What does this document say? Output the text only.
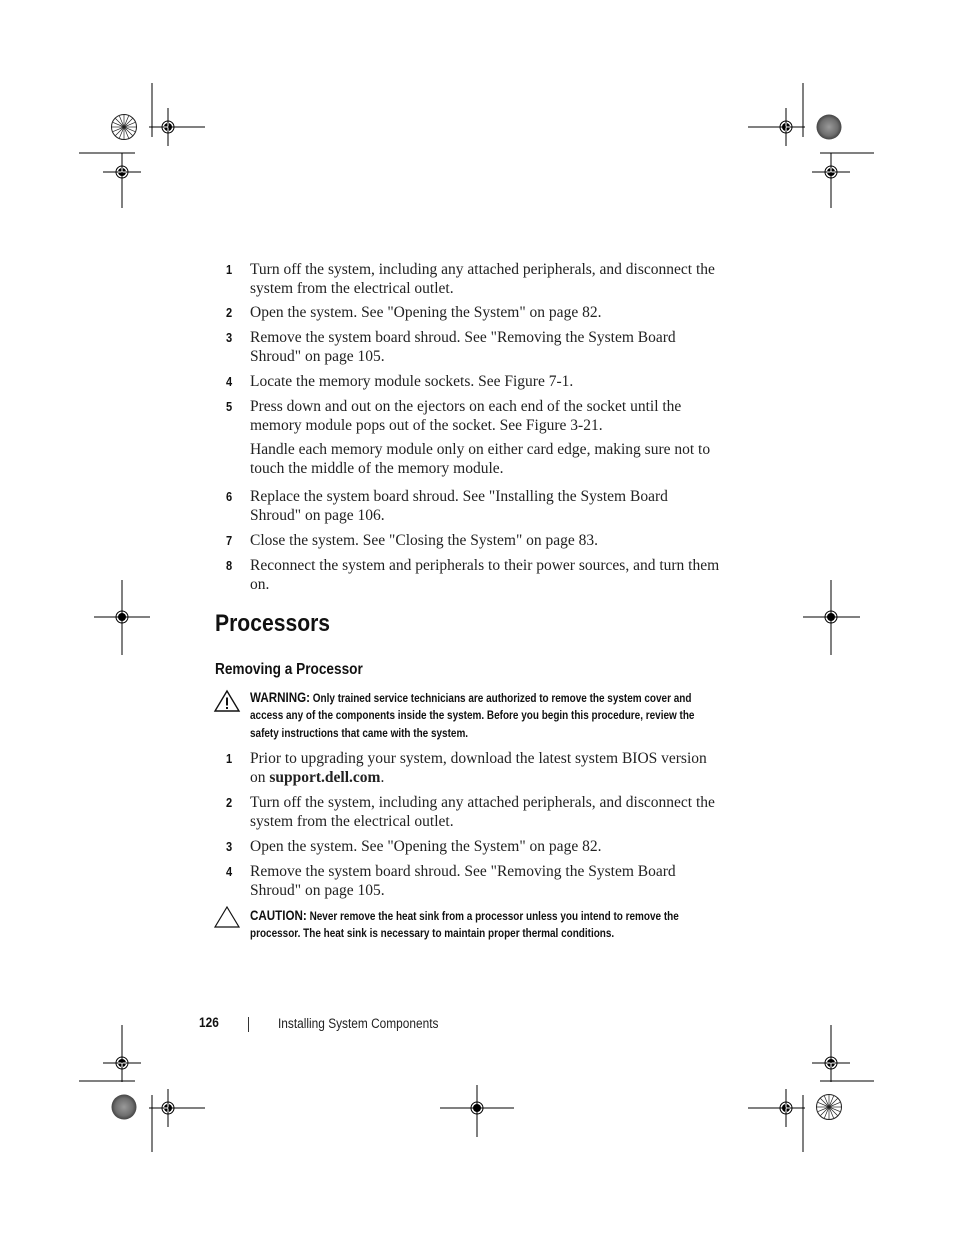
1 Turn off the system, including any attached peripherals, and disconnect the system from the electrical outlet.
2 Open the system. See "Opening the System" on page 82.
3 Remove the system board shroud. See "Removing the System Board Shroud" on page 105.
4 Locate the memory module sockets. See Figure 7-1.
5 Press down and out on the ejectors on each end of the socket until the memory module pops out of the socket. See Figure 3-21.
Handle each memory module only on either card edge, making sure not to touch the middle of the memory module.
6 Replace the system board shroud. See "Installing the System Board Shroud" on page 106.
7 Close the system. See "Closing the System" on page 83.
8 Reconnect the system and peripherals to their power sources, and turn them on.
Processors
Removing a Processor
WARNING: Only trained service technicians are authorized to remove the system cover and access any of the components inside the system. Before you begin this procedure, review the safety instructions that came with the system.
1 Prior to upgrading your system, download the latest system BIOS version on support.dell.com.
2 Turn off the system, including any attached peripherals, and disconnect the system from the electrical outlet.
3 Open the system. See "Opening the System" on page 82.
4 Remove the system board shroud. See "Removing the System Board Shroud" on page 105.
CAUTION: Never remove the heat sink from a processor unless you intend to remove the processor. The heat sink is necessary to maintain proper thermal conditions.
126	Installing System Components
